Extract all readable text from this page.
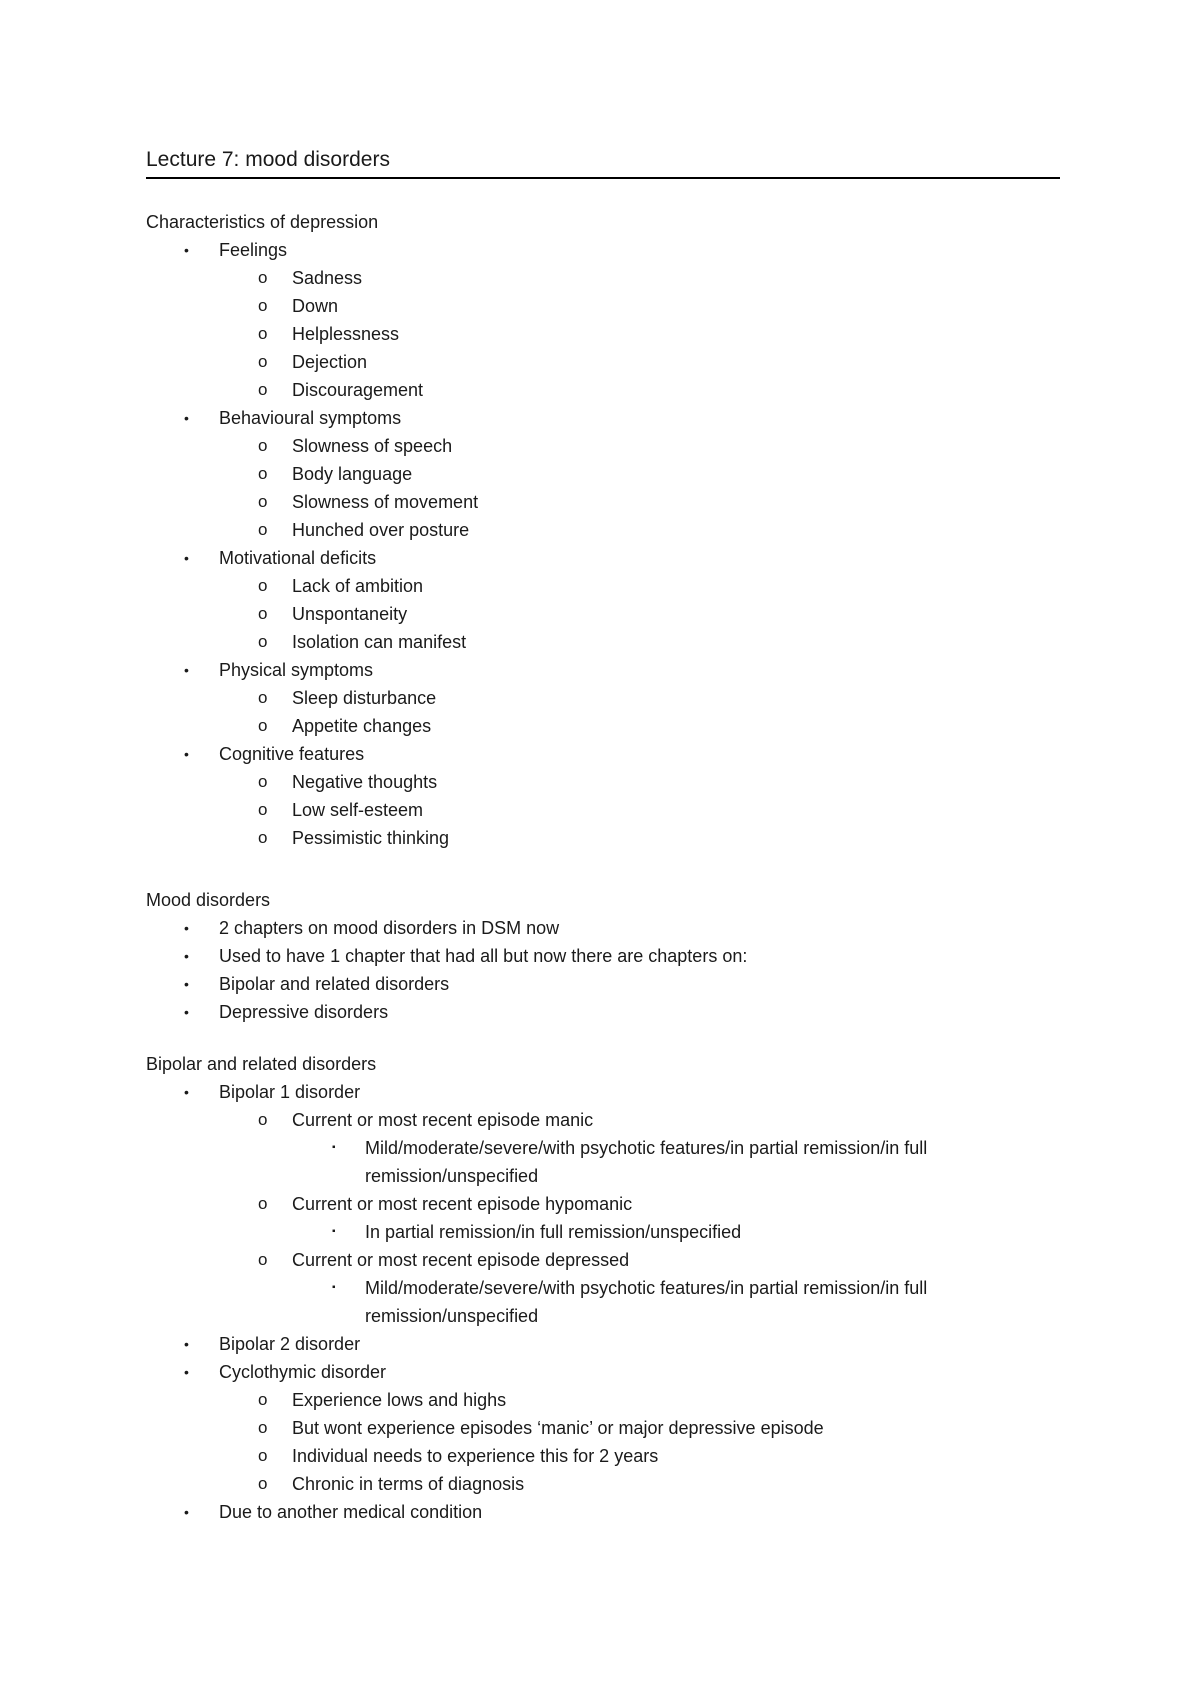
Lecture 7: mood disorders
Characteristics of depression
• Feelings
o Sadness
o Down
o Helplessness
o Dejection
o Discouragement
• Behavioural symptoms
o Slowness of speech
o Body language
o Slowness of movement
o Hunched over posture
• Motivational deficits
o Lack of ambition
o Unspontaneity
o Isolation can manifest
• Physical symptoms
o Sleep disturbance
o Appetite changes
• Cognitive features
o Negative thoughts
o Low self-esteem
o Pessimistic thinking
Mood disorders
• 2 chapters on mood disorders in DSM now
• Used to have 1 chapter that had all but now there are chapters on:
• Bipolar and related disorders
• Depressive disorders
Bipolar and related disorders
• Bipolar 1 disorder
o Current or most recent episode manic
▪ Mild/moderate/severe/with psychotic features/in partial remission/in full
remission/unspecified
o Current or most recent episode hypomanic
▪ In partial remission/in full remission/unspecified
o Current or most recent episode depressed
▪ Mild/moderate/severe/with psychotic features/in partial remission/in full
remission/unspecified
• Bipolar 2 disorder
• Cyclothymic disorder
o Experience lows and highs
o But wont experience episodes ‘manic’ or major depressive episode
o Individual needs to experience this for 2 years
o Chronic in terms of diagnosis
• Due to another medical condition
